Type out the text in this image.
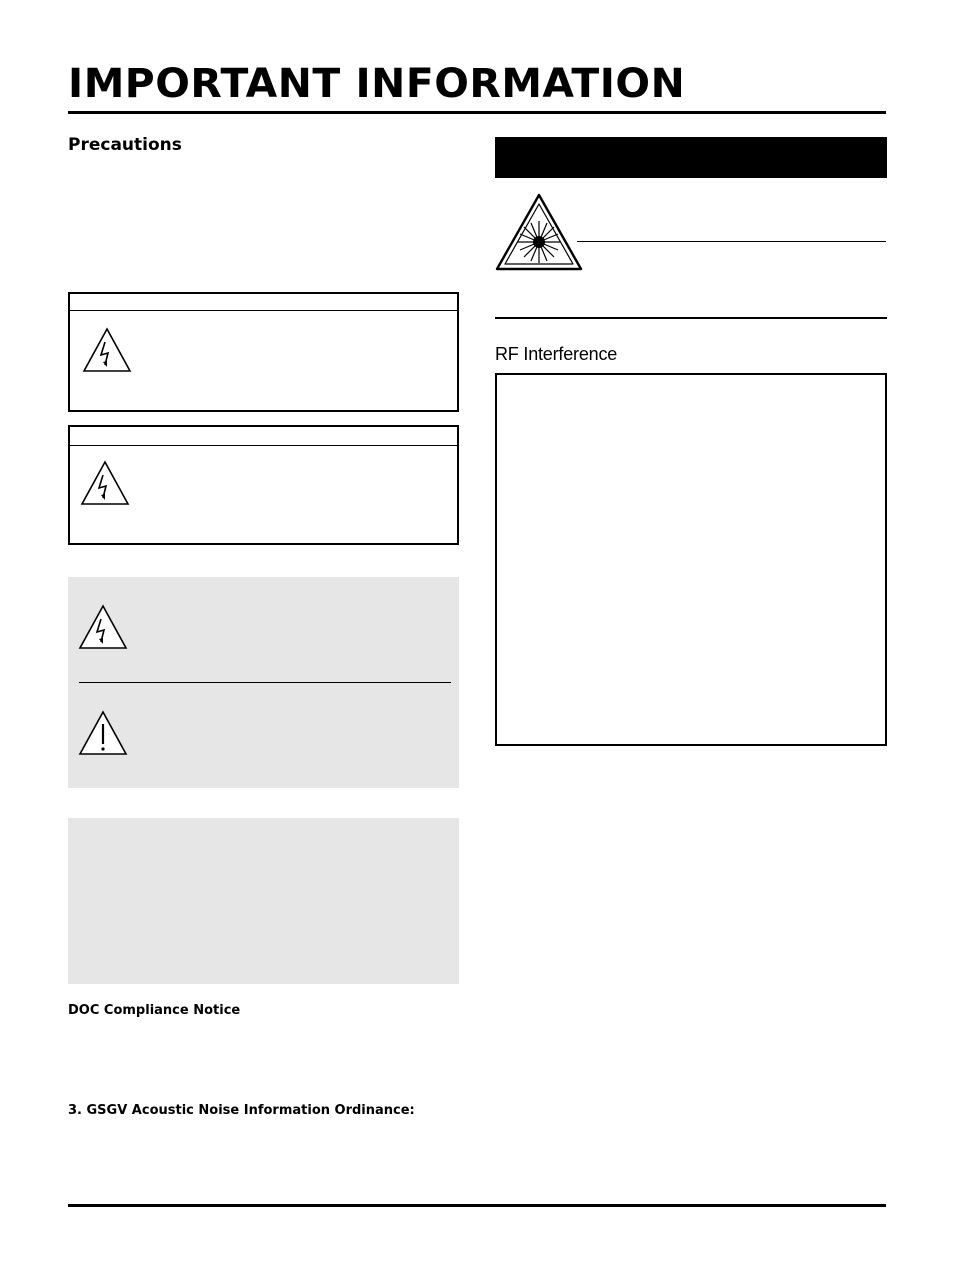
IMPORTANT INFORMATION
Precautions
DOC Compliance Notice
3. GSGV Acoustic Noise Information Ordinance:
RF Interference
